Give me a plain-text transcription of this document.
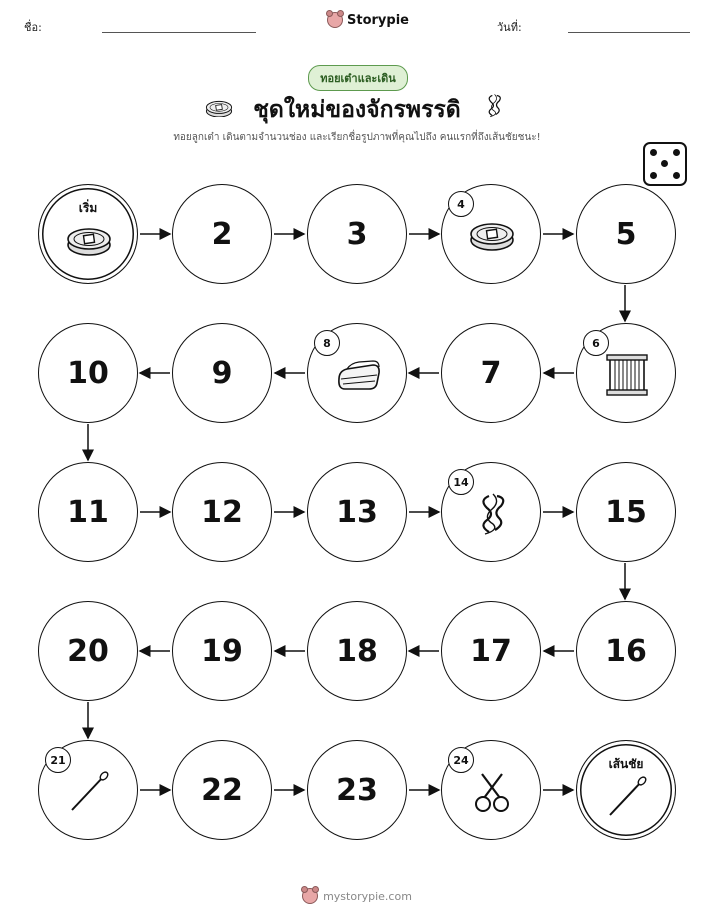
ชื่อ:	Storypie	วันที่:
ทอยเต๋าและเดิน
ชุดใหม่ของจักรพรรดิ
ทอยลูกเต๋า เดินตามจำนวนช่อง และเรียกชื่อรูปภาพที่คุณไปถึง คนแรกที่ถึงเส้นชัยชนะ!
เริ่ม
2	3
4
5
10	9
8
7
6
11	12	13
14
15
20	19	18	17	16
21
22	23
24	เส้นชัย
mystorypie.com
